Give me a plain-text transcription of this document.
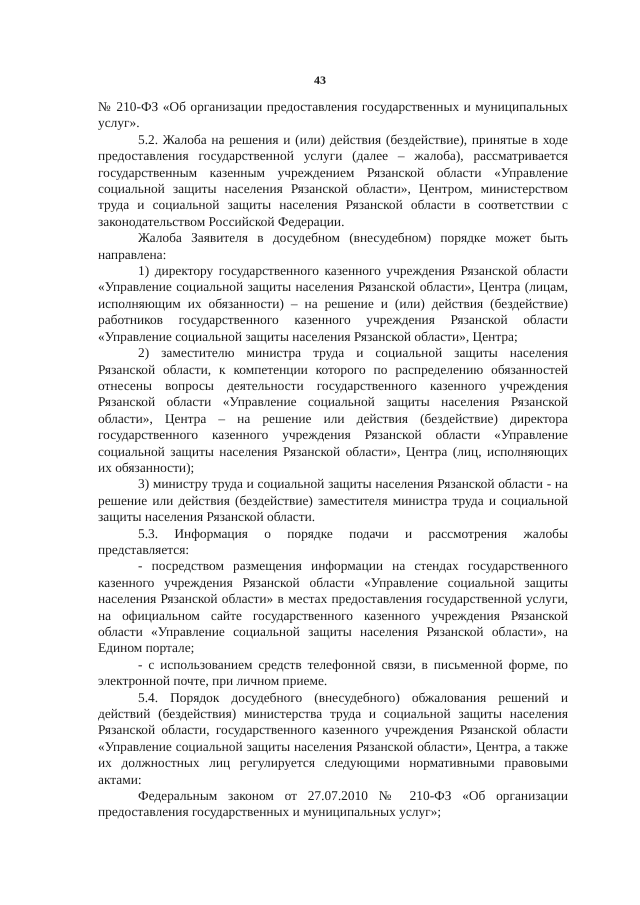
43

№ 210-ФЗ «Об организации предоставления государственных и муниципальных услуг».

5.2. Жалоба на решения и (или) действия (бездействие), принятые в ходе предоставления государственной услуги (далее – жалоба), рассматривается государственным казенным учреждением Рязанской области «Управление социальной защиты населения Рязанской области», Центром, министерством труда и социальной защиты населения Рязанской области в соответствии с законодательством Российской Федерации.

Жалоба Заявителя в досудебном (внесудебном) порядке может быть направлена:

1) директору государственного казенного учреждения Рязанской области «Управление социальной защиты населения Рязанской области», Центра (лицам, исполняющим их обязанности) – на решение и (или) действия (бездействие) работников государственного казенного учреждения Рязанской области «Управление социальной защиты населения Рязанской области», Центра;

2) заместителю министра труда и социальной защиты населения Рязанской области, к компетенции которого по распределению обязанностей отнесены вопросы деятельности государственного казенного учреждения Рязанской области «Управление социальной защиты населения Рязанской области», Центра – на решение или действия (бездействие) директора государственного казенного учреждения Рязанской области «Управление социальной защиты населения Рязанской области», Центра (лиц, исполняющих их обязанности);

3) министру труда и социальной защиты населения Рязанской области - на решение или действия (бездействие) заместителя министра труда и социальной защиты населения Рязанской области.

5.3. Информация о порядке подачи и рассмотрения жалобы представляется:

- посредством размещения информации на стендах государственного казенного учреждения Рязанской области «Управление социальной защиты населения Рязанской области» в местах предоставления государственной услуги, на официальном сайте государственного казенного учреждения Рязанской области «Управление социальной защиты населения Рязанской области», на Едином портале;

- с использованием средств телефонной связи, в письменной форме, по электронной почте, при личном приеме.

5.4. Порядок досудебного (внесудебного) обжалования решений и действий (бездействия) министерства труда и социальной защиты населения Рязанской области, государственного казенного учреждения Рязанской области «Управление социальной защиты населения Рязанской области», Центра, а также их должностных лиц регулируется следующими нормативными правовыми актами:

Федеральным законом от 27.07.2010 № 210-ФЗ «Об организации предоставления государственных и муниципальных услуг»;
